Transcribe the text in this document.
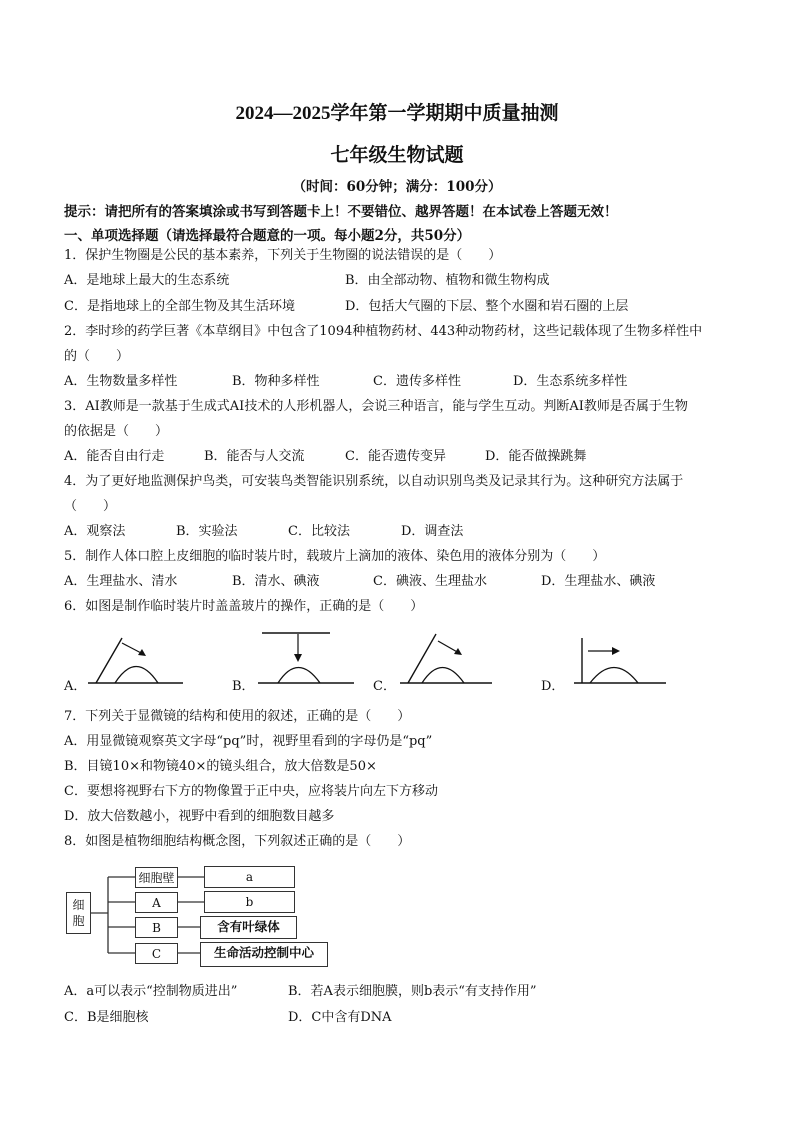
2024—2025学年第一学期期中质量抽测
七年级生物试题
（时间：60分钟；满分：100分）
提示：请把所有的答案填涂或书写到答题卡上！不要错位、越界答题！在本试卷上答题无效！
一、单项选择题（请选择最符合题意的一项。每小题2分，共50分）
1．保护生物圈是公民的基本素养，下列关于生物圈的说法错误的是（　　）
A．是地球上最大的生态系统	B．由全部动物、植物和微生物构成
C．是指地球上的全部生物及其生活环境	D．包括大气圈的下层、整个水圈和岩石圈的上层
2．李时珍的药学巨著《本草纲目》中包含了1094种植物药材、443种动物药材，这些记载体现了生物多样性中
的（　　）
A．生物数量多样性	B．物种多样性	C．遗传多样性	D．生态系统多样性
3．AI教师是一款基于生成式AI技术的人形机器人，会说三种语言，能与学生互动。判断AI教师是否属于生物
的依据是（　　）
A．能否自由行走	B．能否与人交流	C．能否遗传变异	D．能否做操跳舞
4．为了更好地监测保护鸟类，可安装鸟类智能识别系统，以自动识别鸟类及记录其行为。这种研究方法属于
（　　）
A．观察法	B．实验法	C．比较法	D．调查法
5．制作人体口腔上皮细胞的临时装片时，载玻片上滴加的液体、染色用的液体分别为（　　）
A．生理盐水、清水	B．清水、碘液	C．碘液、生理盐水	D．生理盐水、碘液
6．如图是制作临时装片时盖盖玻片的操作，正确的是（　　）
A．	B．	C．	D．
7．下列关于显微镜的结构和使用的叙述，正确的是（　　）
A．用显微镜观察英文字母“pq”时，视野里看到的字母仍是“pq”
B．目镜10×和物镜40×的镜头组合，放大倍数是50×
C．要想将视野右下方的物像置于正中央，应将装片向左下方移动
D．放大倍数越小，视野中看到的细胞数目越多
8．如图是植物细胞结构概念图，下列叙述正确的是（　　）
细胞
细胞壁
A
B
C
a
b
含有叶绿体
生命活动控制中心
A．a可以表示“控制物质进出”	B．若A表示细胞膜，则b表示“有支持作用”
C．B是细胞核	D．C中含有DNA
